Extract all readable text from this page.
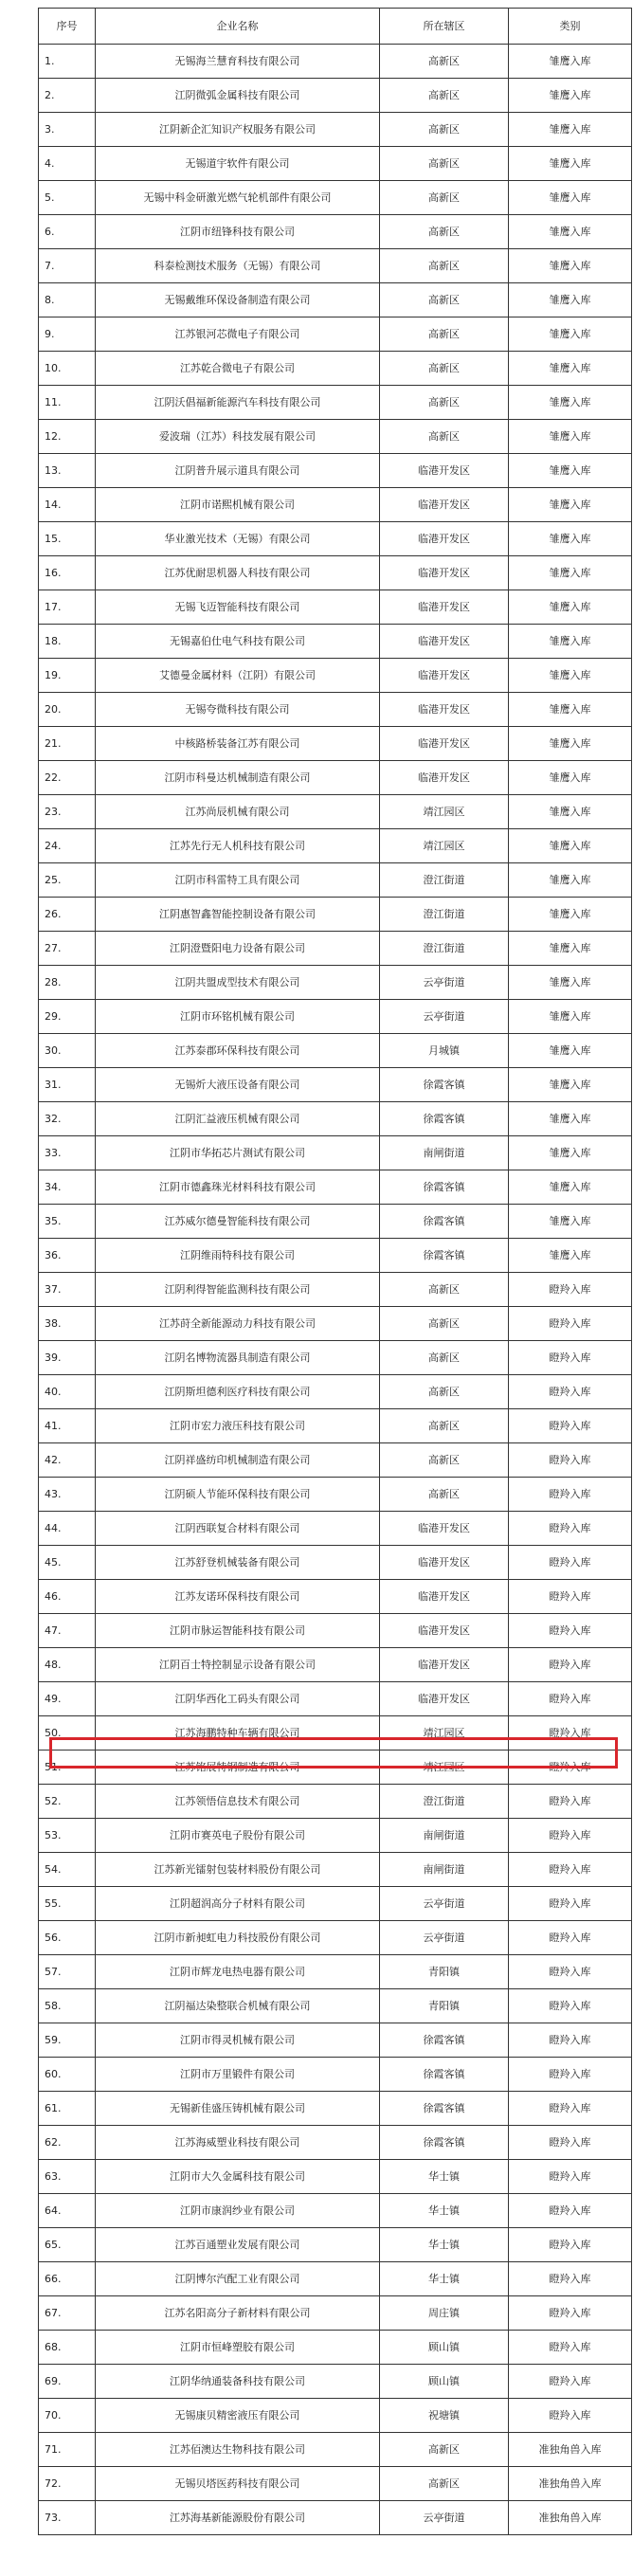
序号	企业名称	所在辖区	类别
1.	无锡海兰慧育科技有限公司	高新区	雏鹰入库
2.	江阴微弧金属科技有限公司	高新区	雏鹰入库
3.	江阴新企汇知识产权服务有限公司	高新区	雏鹰入库
4.	无锡道宇软件有限公司	高新区	雏鹰入库
5.	无锡中科金研激光燃气轮机部件有限公司	高新区	雏鹰入库
6.	江阴市纽锋科技有限公司	高新区	雏鹰入库
7.	科泰检测技术服务（无锡）有限公司	高新区	雏鹰入库
8.	无锡戴维环保设备制造有限公司	高新区	雏鹰入库
9.	江苏银河芯微电子有限公司	高新区	雏鹰入库
10.	江苏乾合微电子有限公司	高新区	雏鹰入库
11.	江阴沃倡福新能源汽车科技有限公司	高新区	雏鹰入库
12.	爱波瑞（江苏）科技发展有限公司	高新区	雏鹰入库
13.	江阴普升展示道具有限公司	临港开发区	雏鹰入库
14.	江阴市诺熙机械有限公司	临港开发区	雏鹰入库
15.	华业激光技术（无锡）有限公司	临港开发区	雏鹰入库
16.	江苏优耐思机器人科技有限公司	临港开发区	雏鹰入库
17.	无锡飞迈智能科技有限公司	临港开发区	雏鹰入库
18.	无锡嘉伯仕电气科技有限公司	临港开发区	雏鹰入库
19.	艾德曼金属材料（江阴）有限公司	临港开发区	雏鹰入库
20.	无锡夸微科技有限公司	临港开发区	雏鹰入库
21.	中核路桥装备江苏有限公司	临港开发区	雏鹰入库
22.	江阴市科曼达机械制造有限公司	临港开发区	雏鹰入库
23.	江苏尚辰机械有限公司	靖江园区	雏鹰入库
24.	江苏先行无人机科技有限公司	靖江园区	雏鹰入库
25.	江阴市科雷特工具有限公司	澄江街道	雏鹰入库
26.	江阴惠智鑫智能控制设备有限公司	澄江街道	雏鹰入库
27.	江阴澄暨阳电力设备有限公司	澄江街道	雏鹰入库
28.	江阴共盟成型技术有限公司	云亭街道	雏鹰入库
29.	江阴市环铭机械有限公司	云亭街道	雏鹰入库
30.	江苏泰郡环保科技有限公司	月城镇	雏鹰入库
31.	无锡炘大液压设备有限公司	徐霞客镇	雏鹰入库
32.	江阴汇益液压机械有限公司	徐霞客镇	雏鹰入库
33.	江阴市华拓芯片测试有限公司	南闸街道	雏鹰入库
34.	江阴市德鑫珠光材料科技有限公司	徐霞客镇	雏鹰入库
35.	江苏威尔德曼智能科技有限公司	徐霞客镇	雏鹰入库
36.	江阴维雨特科技有限公司	徐霞客镇	雏鹰入库
37.	江阴利得智能监测科技有限公司	高新区	瞪羚入库
38.	江苏莳全新能源动力科技有限公司	高新区	瞪羚入库
39.	江阴名博物流器具制造有限公司	高新区	瞪羚入库
40.	江阴斯坦德利医疗科技有限公司	高新区	瞪羚入库
41.	江阴市宏力液压科技有限公司	高新区	瞪羚入库
42.	江阴祥盛纺印机械制造有限公司	高新区	瞪羚入库
43.	江阴硕人节能环保科技有限公司	高新区	瞪羚入库
44.	江阴西联复合材料有限公司	临港开发区	瞪羚入库
45.	江苏舒登机械装备有限公司	临港开发区	瞪羚入库
46.	江苏友诺环保科技有限公司	临港开发区	瞪羚入库
47.	江阴市脉运智能科技有限公司	临港开发区	瞪羚入库
48.	江阴百士特控制显示设备有限公司	临港开发区	瞪羚入库
49.	江阴华西化工码头有限公司	临港开发区	瞪羚入库
50.	江苏海鹏特种车辆有限公司	靖江园区	瞪羚入库
51.	江苏铭展特钢制造有限公司	靖江园区	瞪羚入库
52.	江苏领悟信息技术有限公司	澄江街道	瞪羚入库
53.	江阴市赛英电子股份有限公司	南闸街道	瞪羚入库
54.	江苏新光镭射包装材料股份有限公司	南闸街道	瞪羚入库
55.	江阴超润高分子材料有限公司	云亭街道	瞪羚入库
56.	江阴市新昶虹电力科技股份有限公司	云亭街道	瞪羚入库
57.	江阴市辉龙电热电器有限公司	青阳镇	瞪羚入库
58.	江阴福达染整联合机械有限公司	青阳镇	瞪羚入库
59.	江阴市得灵机械有限公司	徐霞客镇	瞪羚入库
60.	江阴市万里锻件有限公司	徐霞客镇	瞪羚入库
61.	无锡新佳盛压铸机械有限公司	徐霞客镇	瞪羚入库
62.	江苏海威塑业科技有限公司	徐霞客镇	瞪羚入库
63.	江阴市大久金属科技有限公司	华士镇	瞪羚入库
64.	江阴市康润纱业有限公司	华士镇	瞪羚入库
65.	江苏百通塑业发展有限公司	华士镇	瞪羚入库
66.	江阴博尔汽配工业有限公司	华士镇	瞪羚入库
67.	江苏名阳高分子新材料有限公司	周庄镇	瞪羚入库
68.	江阴市恒峰塑胶有限公司	顾山镇	瞪羚入库
69.	江阴华纳通装备科技有限公司	顾山镇	瞪羚入库
70.	无锡康贝精密液压有限公司	祝塘镇	瞪羚入库
71.	江苏佰澳达生物科技有限公司	高新区	准独角兽入库
72.	无锡贝塔医药科技有限公司	高新区	准独角兽入库
73.	江苏海基新能源股份有限公司	云亭街道	准独角兽入库
